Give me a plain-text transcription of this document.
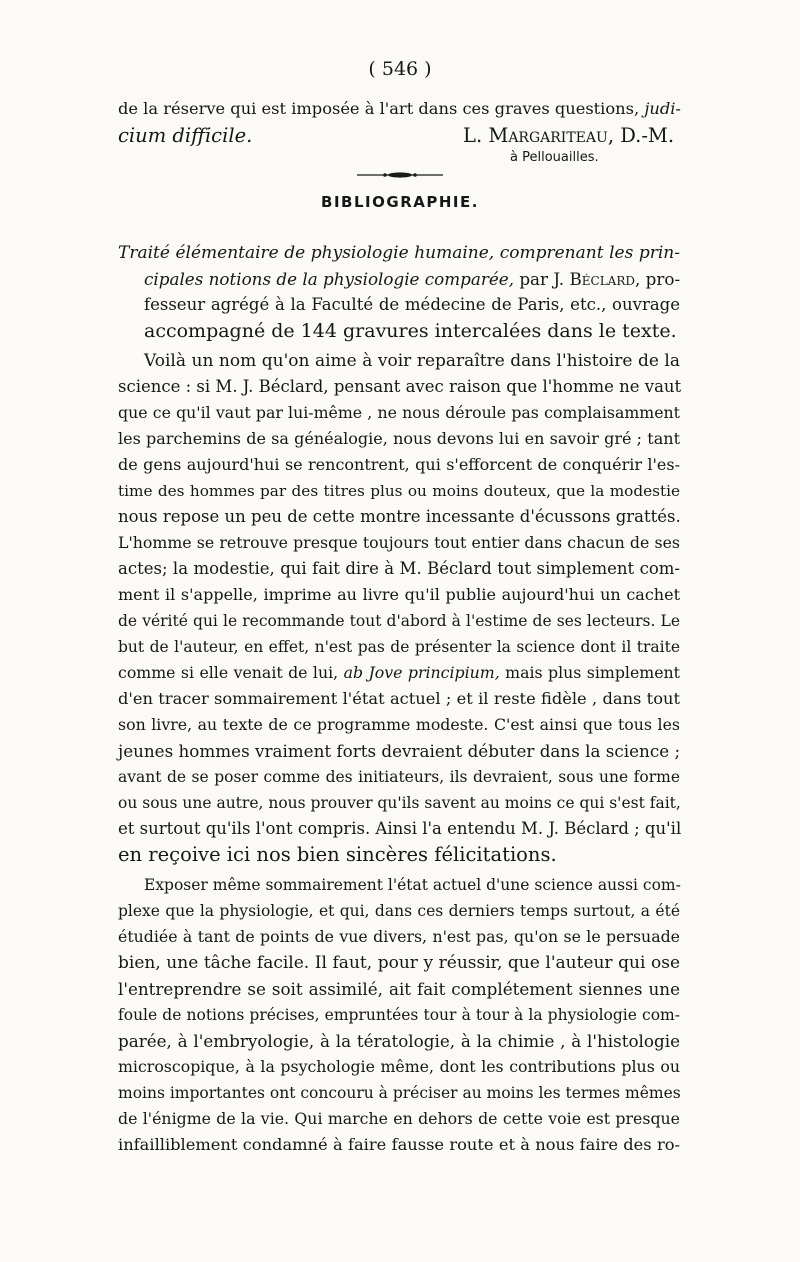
( 546 )
de la réserve qui est imposée à l'art dans ces graves questions, judi-
cium difficile.	L. Margariteau, D.-M.
à Pellouailles.
BIBLIOGRAPHIE.
Traité élémentaire de physiologie humaine, comprenant les prin-
cipales notions de la physiologie comparée, par J. Béclard, pro-
fesseur agrégé à la Faculté de médecine de Paris, etc., ouvrage
accompagné de 144 gravures intercalées dans le texte.
Voilà un nom qu'on aime à voir reparaître dans l'histoire de la
science : si M. J. Béclard, pensant avec raison que l'homme ne vaut
que ce qu'il vaut par lui-même , ne nous déroule pas complaisamment
les parchemins de sa généalogie, nous devons lui en savoir gré ; tant
de gens aujourd'hui se rencontrent, qui s'efforcent de conquérir l'es-
time des hommes par des titres plus ou moins douteux, que la modestie
nous repose un peu de cette montre incessante d'écussons grattés.
L'homme se retrouve presque toujours tout entier dans chacun de ses
actes; la modestie, qui fait dire à M. Béclard tout simplement com-
ment il s'appelle, imprime au livre qu'il publie aujourd'hui un cachet
de vérité qui le recommande tout d'abord à l'estime de ses lecteurs. Le
but de l'auteur, en effet, n'est pas de présenter la science dont il traite
comme si elle venait de lui, ab Jove principium, mais plus simplement
d'en tracer sommairement l'état actuel ; et il reste fidèle , dans tout
son livre, au texte de ce programme modeste. C'est ainsi que tous les
jeunes hommes vraiment forts devraient débuter dans la science ;
avant de se poser comme des initiateurs, ils devraient, sous une forme
ou sous une autre, nous prouver qu'ils savent au moins ce qui s'est fait,
et surtout qu'ils l'ont compris. Ainsi l'a entendu M. J. Béclard ; qu'il
en reçoive ici nos bien sincères félicitations.
Exposer même sommairement l'état actuel d'une science aussi com-
plexe que la physiologie, et qui, dans ces derniers temps surtout, a été
étudiée à tant de points de vue divers, n'est pas, qu'on se le persuade
bien, une tâche facile. Il faut, pour y réussir, que l'auteur qui ose
l'entreprendre se soit assimilé, ait fait complétement siennes une
foule de notions précises, empruntées tour à tour à la physiologie com-
parée, à l'embryologie, à la tératologie, à la chimie , à l'histologie
microscopique, à la psychologie même, dont les contributions plus ou
moins importantes ont concouru à préciser au moins les termes mêmes
de l'énigme de la vie. Qui marche en dehors de cette voie est presque
infailliblement condamné à faire fausse route et à nous faire des ro-
